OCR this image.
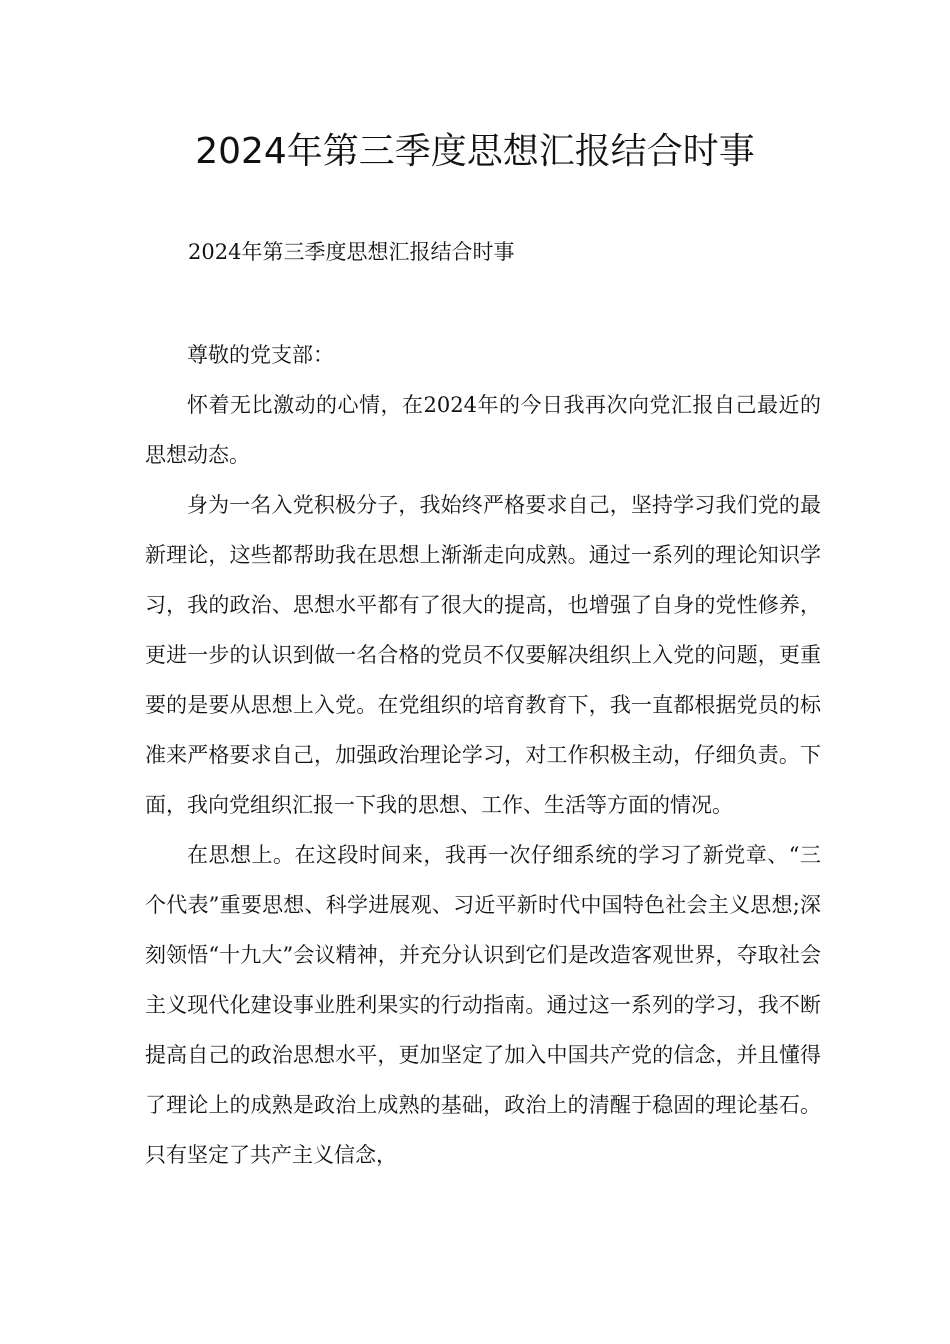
2024年第三季度思想汇报结合时事

2024年第三季度思想汇报结合时事

尊敬的党支部：

怀着无比激动的心情，在2024年的今日我再次向党汇报自己最近的思想动态。

身为一名入党积极分子，我始终严格要求自己，坚持学习我们党的最新理论，这些都帮助我在思想上渐渐走向成熟。通过一系列的理论知识学习，我的政治、思想水平都有了很大的提高，也增强了自身的党性修养，更进一步的认识到做一名合格的党员不仅要解决组织上入党的问题，更重要的是要从思想上入党。在党组织的培育教育下，我一直都根据党员的标准来严格要求自己，加强政治理论学习，对工作积极主动，仔细负责。下面，我向党组织汇报一下我的思想、工作、生活等方面的情况。

在思想上。在这段时间来，我再一次仔细系统的学习了新党章、“三个代表”重要思想、科学进展观、习近平新时代中国特色社会主义思想;深刻领悟“十九大”会议精神，并充分认识到它们是改造客观世界，夺取社会主义现代化建设事业胜利果实的行动指南。通过这一系列的学习，我不断提高自己的政治思想水平，更加坚定了加入中国共产党的信念，并且懂得了理论上的成熟是政治上成熟的基础，政治上的清醒于稳固的理论基石。只有坚定了共产主义信念，
